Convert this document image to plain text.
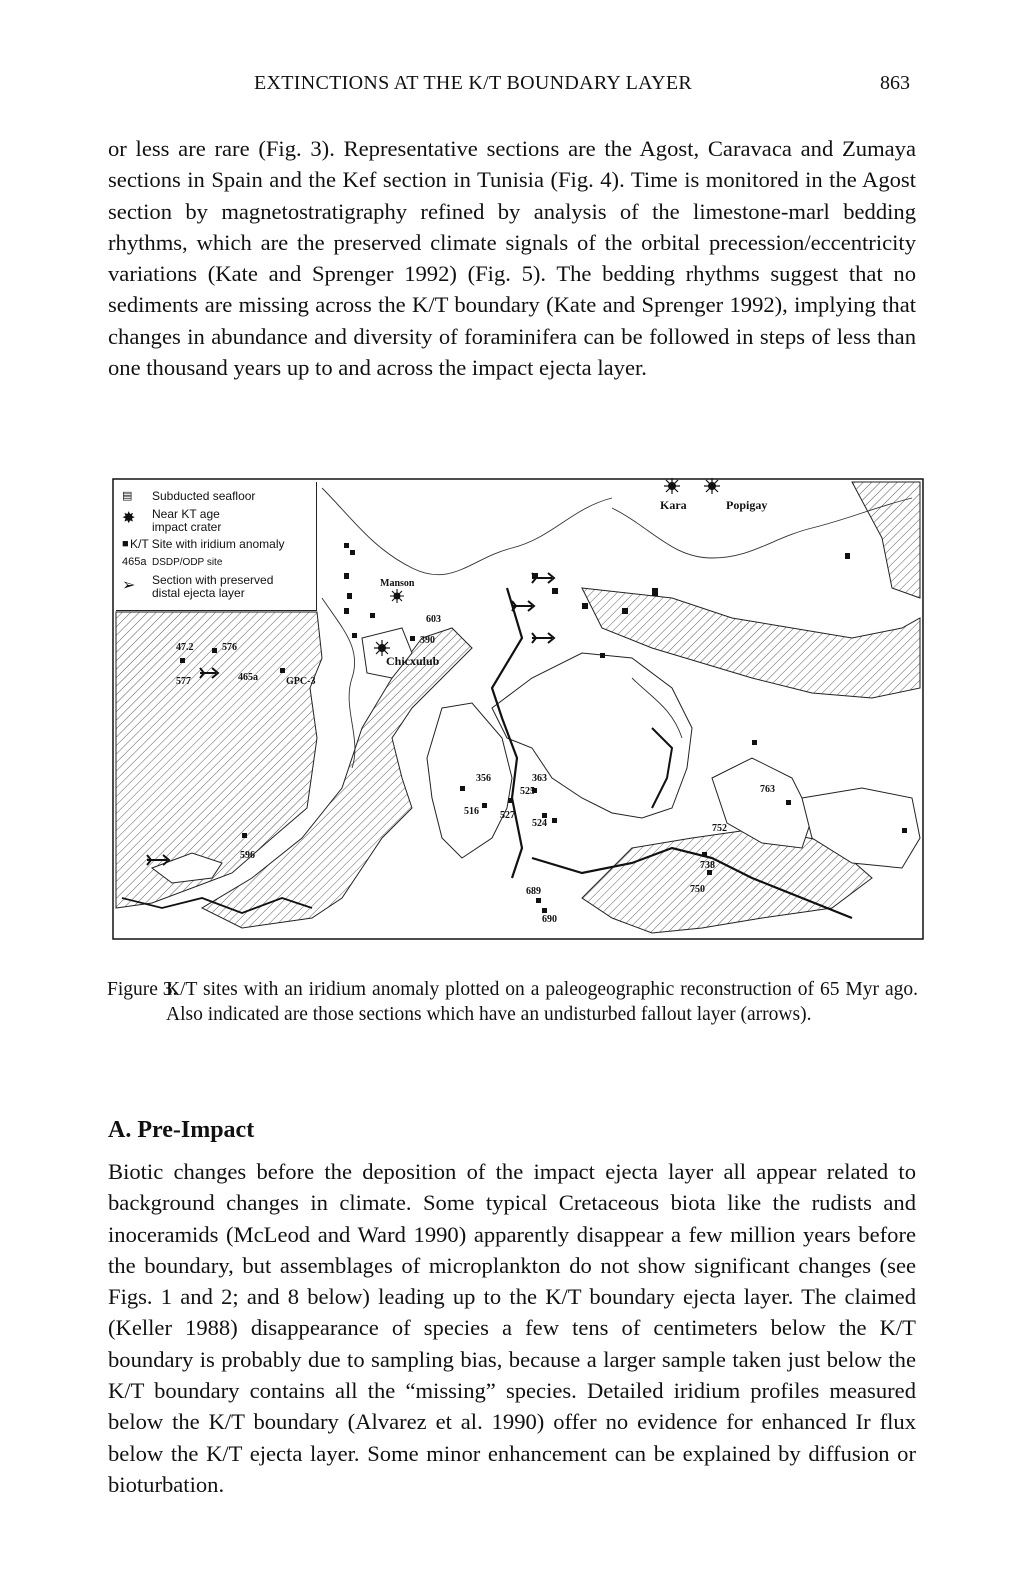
EXTINCTIONS AT THE K/T BOUNDARY LAYER	863

or less are rare (Fig. 3). Representative sections are the Agost, Caravaca and Zumaya sections in Spain and the Kef section in Tunisia (Fig. 4). Time is monitored in the Agost section by magnetostratigraphy refined by analysis of the limestone-marl bedding rhythms, which are the preserved climate signals of the orbital precession/eccentricity variations (Kate and Sprenger 1992) (Fig. 5). The bedding rhythms suggest that no sediments are missing across the K/T boundary (Kate and Sprenger 1992), implying that changes in abundance and diversity of foraminifera can be followed in steps of less than one thousand years up to and across the impact ejecta layer.

▤	Subducted seafloor
✸	Near KT age
impact crater
■ K/T Site with iridium anomaly
465a DSDP/ODP site
➢	Section with preserved
distal ejecta layer
Kara	Popigay
Manson
Chicxulub
603
390
47.2	576
577	465a	GPC-3
356	363
525
516 527
524
596
763
752
738
750
689
690
Figure 3.
K/T sites with an iridium anomaly plotted on a paleogeographic reconstruction of 65 Myr ago. Also indicated are those sections which have an undisturbed fallout layer (arrows).
A. Pre-Impact

Biotic changes before the deposition of the impact ejecta layer all appear related to background changes in climate. Some typical Cretaceous biota like the rudists and inoceramids (McLeod and Ward 1990) apparently disappear a few million years before the boundary, but assemblages of microplankton do not show significant changes (see Figs. 1 and 2; and 8 below) leading up to the K/T boundary ejecta layer. The claimed (Keller 1988) disappearance of species a few tens of centimeters below the K/T boundary is probably due to sampling bias, because a larger sample taken just below the K/T boundary contains all the “missing” species. Detailed iridium profiles measured below the K/T boundary (Alvarez et al. 1990) offer no evidence for enhanced Ir flux below the K/T ejecta layer. Some minor enhancement can be explained by diffusion or bioturbation.
